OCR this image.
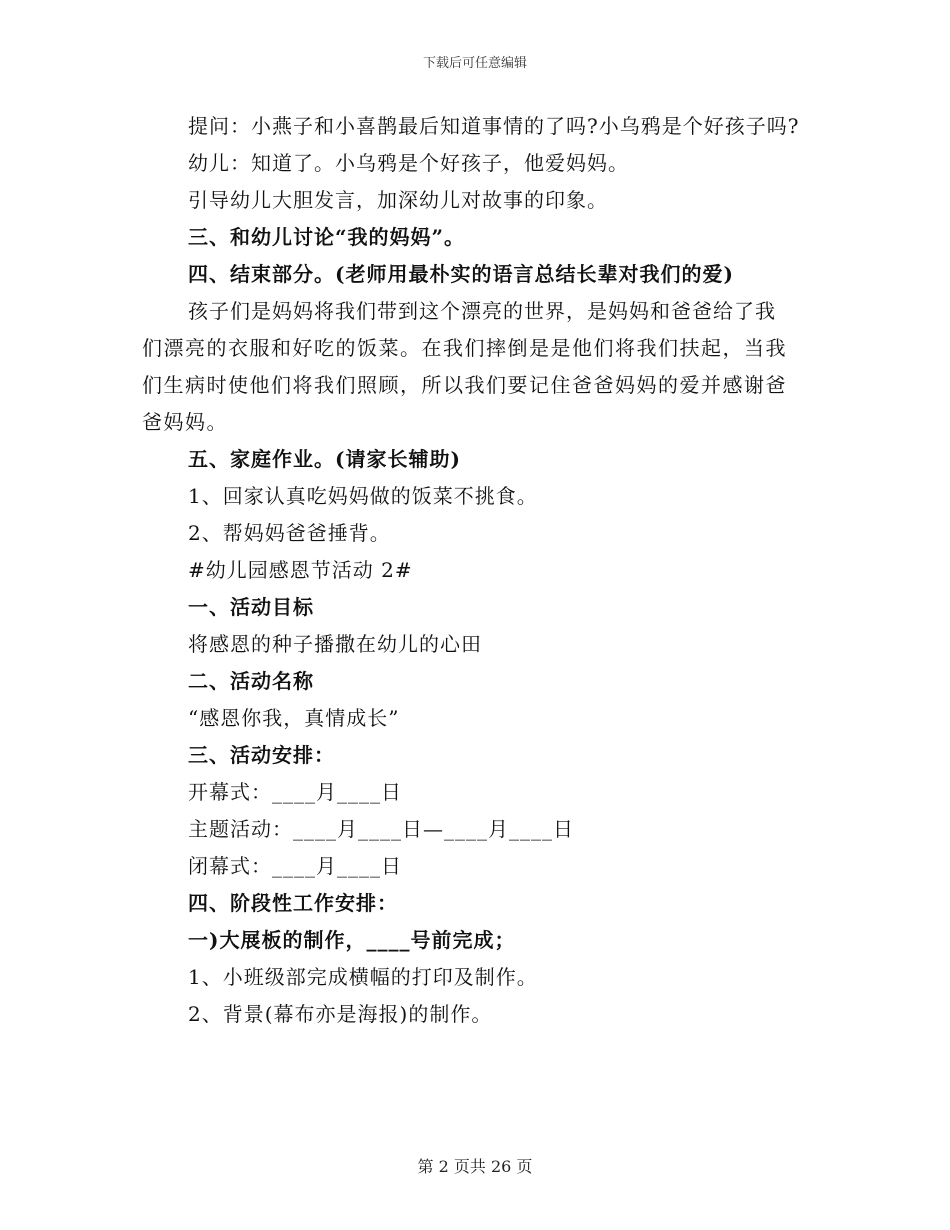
下载后可任意编辑
提问：小燕子和小喜鹊最后知道事情的了吗?小乌鸦是个好孩子吗?
幼儿：知道了。小乌鸦是个好孩子，他爱妈妈。
引导幼儿大胆发言，加深幼儿对故事的印象。
三、和幼儿讨论“我的妈妈”。
四、结束部分。(老师用最朴实的语言总结长辈对我们的爱)
孩子们是妈妈将我们带到这个漂亮的世界，是妈妈和爸爸给了我
们漂亮的衣服和好吃的饭菜。在我们摔倒是是他们将我们扶起，当我
们生病时使他们将我们照顾，所以我们要记住爸爸妈妈的爱并感谢爸
爸妈妈。
五、家庭作业。(请家长辅助)
1、回家认真吃妈妈做的饭菜不挑食。
2、帮妈妈爸爸捶背。
#幼儿园感恩节活动 2#
一、活动目标
将感恩的种子播撒在幼儿的心田
二、活动名称
“感恩你我，真情成长”
三、活动安排：
开幕式：____月____日
主题活动：____月____日—____月____日
闭幕式：____月____日
四、阶段性工作安排：
一)大展板的制作，____号前完成；
1、小班级部完成横幅的打印及制作。
2、背景(幕布亦是海报)的制作。
第 2 页共 26 页
